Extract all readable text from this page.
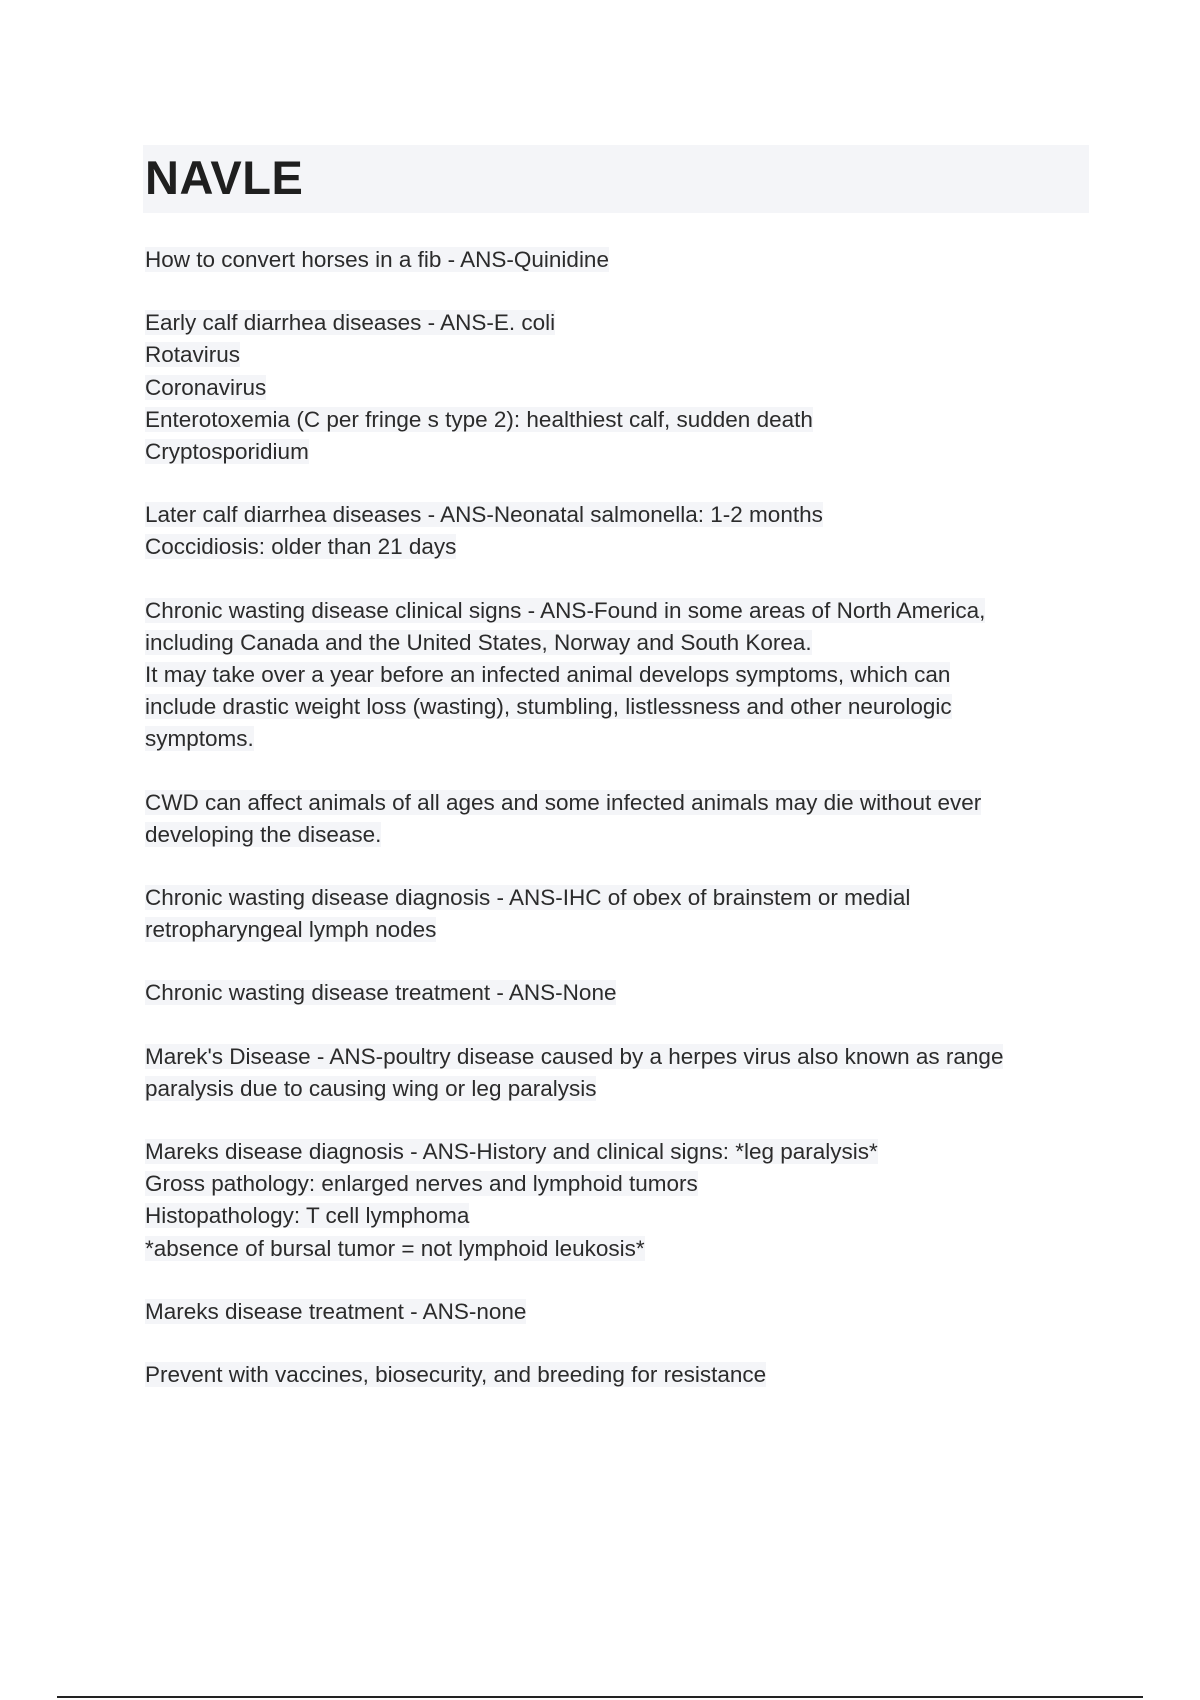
NAVLE
How to convert horses in a fib - ANS-Quinidine
Early calf diarrhea diseases - ANS-E. coli
Rotavirus
Coronavirus
Enterotoxemia (C per fringe s type 2): healthiest calf, sudden death
Cryptosporidium
Later calf diarrhea diseases - ANS-Neonatal salmonella: 1-2 months
Coccidiosis: older than 21 days
Chronic wasting disease clinical signs - ANS-Found in some areas of North America,
including Canada and the United States, Norway and South Korea.
It may take over a year before an infected animal develops symptoms, which can
include drastic weight loss (wasting), stumbling, listlessness and other neurologic
symptoms.
CWD can affect animals of all ages and some infected animals may die without ever
developing the disease.
Chronic wasting disease diagnosis - ANS-IHC of obex of brainstem or medial
retropharyngeal lymph nodes
Chronic wasting disease treatment - ANS-None
Marek's Disease - ANS-poultry disease caused by a herpes virus also known as range
paralysis due to causing wing or leg paralysis
Mareks disease diagnosis - ANS-History and clinical signs: *leg paralysis*
Gross pathology: enlarged nerves and lymphoid tumors
Histopathology: T cell lymphoma
*absence of bursal tumor = not lymphoid leukosis*
Mareks disease treatment - ANS-none
Prevent with vaccines, biosecurity, and breeding for resistance
